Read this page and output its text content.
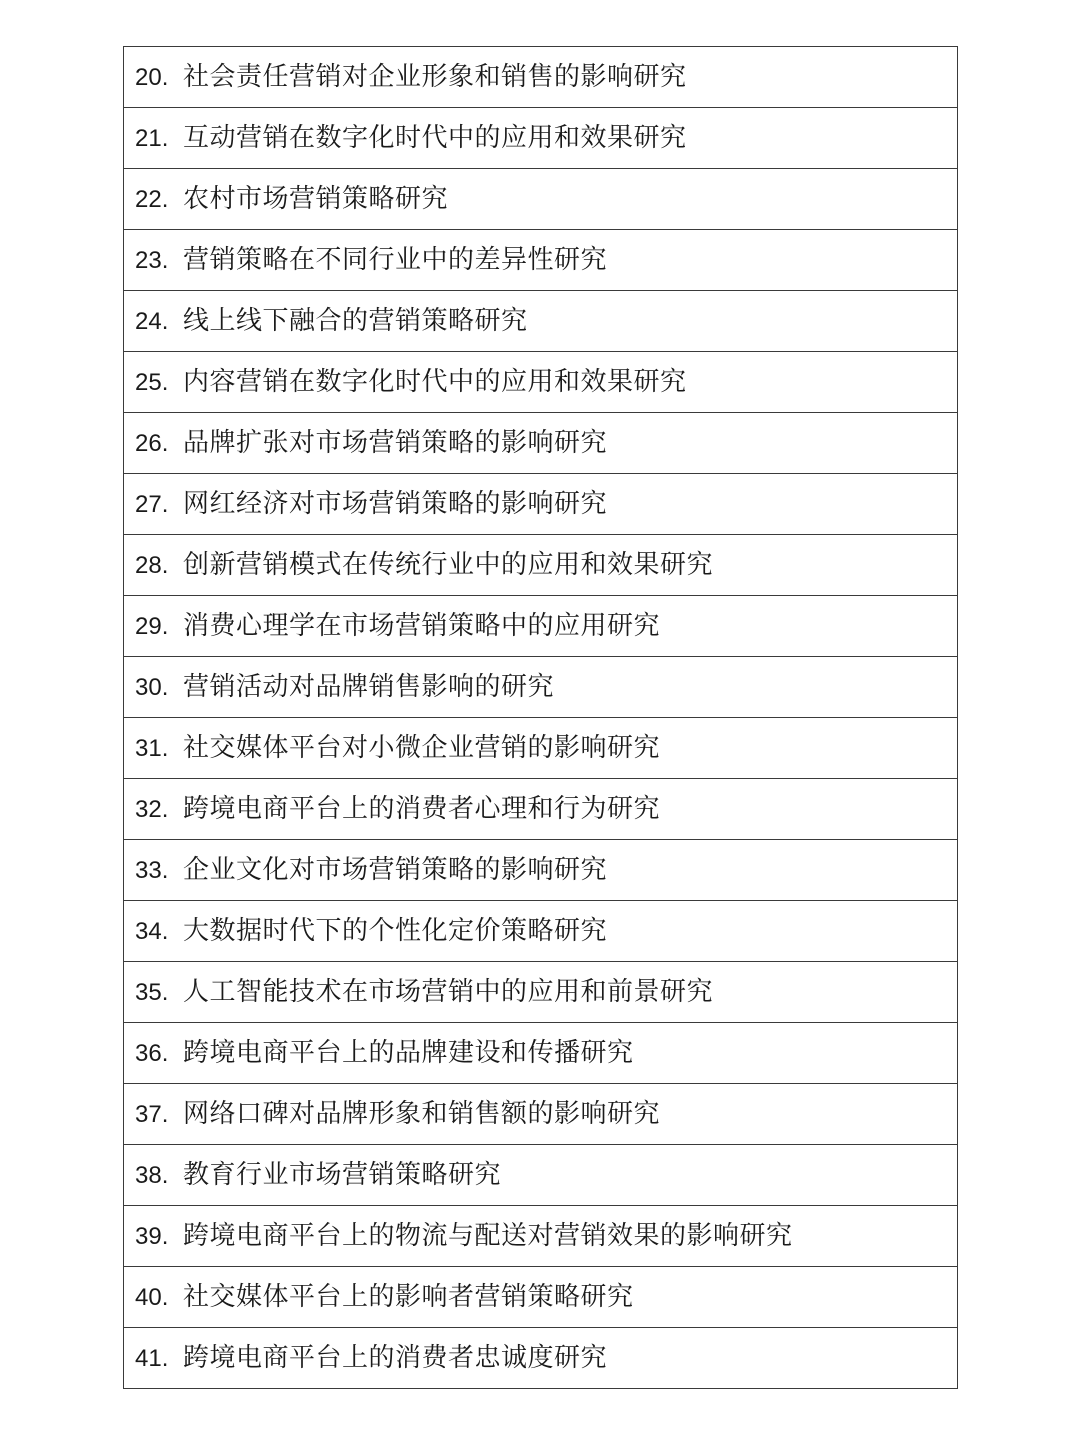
20. 社会责任营销对企业形象和销售的影响研究
21. 互动营销在数字化时代中的应用和效果研究
22. 农村市场营销策略研究
23. 营销策略在不同行业中的差异性研究
24. 线上线下融合的营销策略研究
25. 内容营销在数字化时代中的应用和效果研究
26. 品牌扩张对市场营销策略的影响研究
27. 网红经济对市场营销策略的影响研究
28. 创新营销模式在传统行业中的应用和效果研究
29. 消费心理学在市场营销策略中的应用研究
30. 营销活动对品牌销售影响的研究
31. 社交媒体平台对小微企业营销的影响研究
32. 跨境电商平台上的消费者心理和行为研究
33. 企业文化对市场营销策略的影响研究
34. 大数据时代下的个性化定价策略研究
35. 人工智能技术在市场营销中的应用和前景研究
36. 跨境电商平台上的品牌建设和传播研究
37. 网络口碑对品牌形象和销售额的影响研究
38. 教育行业市场营销策略研究
39. 跨境电商平台上的物流与配送对营销效果的影响研究
40. 社交媒体平台上的影响者营销策略研究
41. 跨境电商平台上的消费者忠诚度研究
